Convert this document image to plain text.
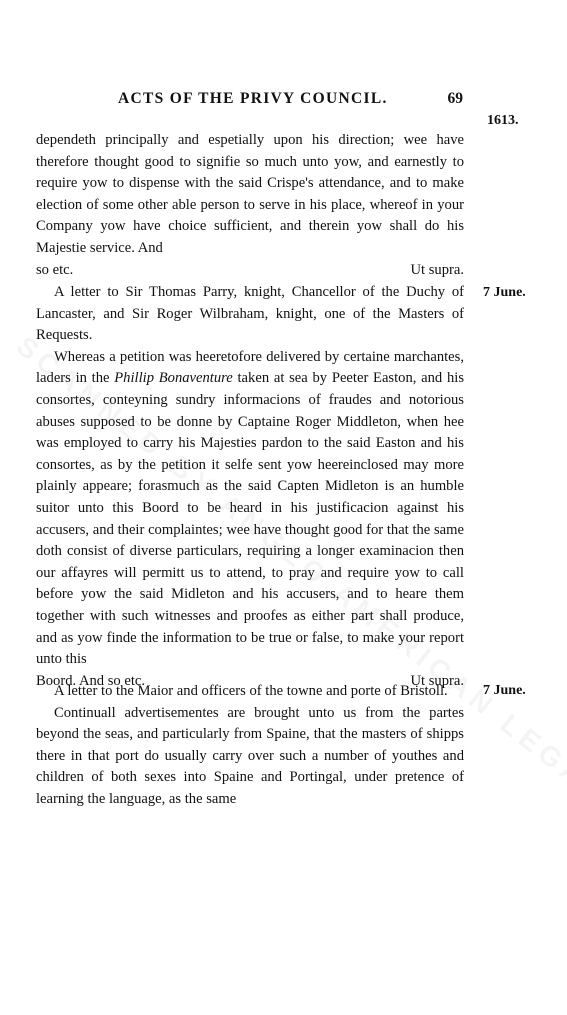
ACTS OF THE PRIVY COUNCIL.	69
1613.
7 June.
7 June.

dependeth principally and espetially upon his direction; wee have therefore thought good to signifie so much unto yow, and earnestly to require yow to dispense with the said Crispe's attendance, and to make election of some other able person to serve in his place, whereof in your Company yow have choice sufficient, and therein yow shall do his Majestie service. And

so etc.	Ut supra.

A letter to Sir Thomas Parry, knight, Chancellor of the Duchy of Lancaster, and Sir Roger Wilbraham, knight, one of the Masters of Requests.

Whereas a petition was heeretofore delivered by certaine marchantes, laders in the Phillip Bonaventure taken at sea by Peeter Easton, and his consortes, conteyning sundry informacions of fraudes and notorious abuses supposed to be donne by Captaine Roger Middleton, when hee was employed to carry his Majesties pardon to the said Easton and his consortes, as by the petition it selfe sent yow heereinclosed may more plainly appeare; forasmuch as the said Capten Midleton is an humble suitor unto this Boord to be heard in his justificacion against his accusers, and their complaintes; wee have thought good for that the same doth consist of diverse particulars, requiring a longer examinacion then our affayres will permitt us to attend, to pray and require yow to call before yow the said Midleton and his accusers, and to heare them together with such witnesses and proofes as either part shall produce, and as yow finde the information to be true or false, to make your report unto this

Boord. And so etc.	Ut supra.

A letter to the Maior and officers of the towne and porte of Bristoll.

Continuall advertisementes are brought unto us from the partes beyond the seas, and particularly from Spaine, that the masters of shipps there in that port do usually carry over such a number of youthes and children of both sexes into Spaine and Portingal, under pretence of learning the language, as the same
